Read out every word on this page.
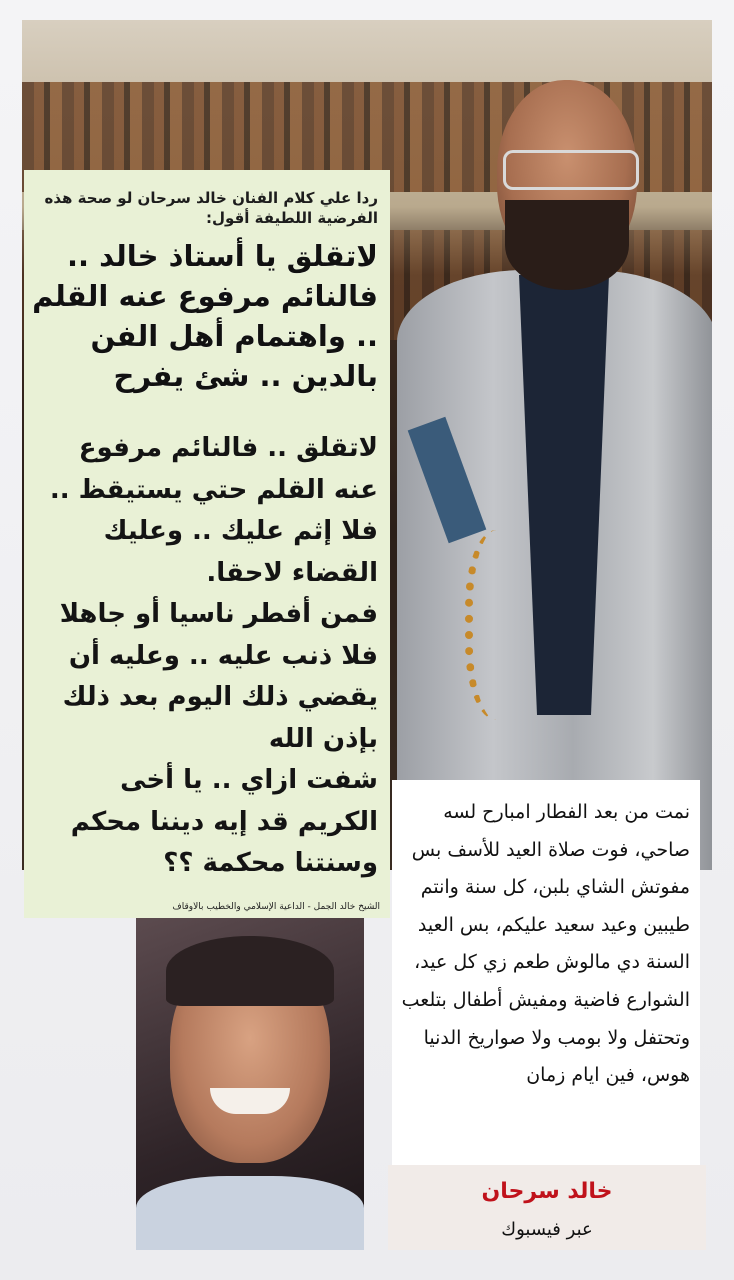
ردا علي كلام الفنان خالد سرحان لو صحة هذه الفرضية اللطيفة أقول:
لاتقلق يا أستاذ خالد .. فالنائم مرفوع عنه القلم .. واهتمام أهل الفن بالدين .. شئ يفرح

لاتقلق .. فالنائم مرفوع عنه القلم حتي يستيقظ .. فلا إثم عليك .. وعليك القضاء لاحقا.

فمن أفطر ناسيا أو جاهلا فلا ذنب عليه .. وعليه أن يقضي ذلك اليوم بعد ذلك بإذن الله

شفت ازاي .. يا أخى الكريم قد إيه ديننا محكم وسنتنا محكمة ؟؟

الشيخ خالد الجمل - الداعية الإسلامي والخطيب بالأوقاف
نمت من بعد الفطار امبارح لسه صاحي، فوت صلاة العيد للأسف بس مفوتش الشاي بلبن، كل سنة وانتم طيبين وعيد سعيد عليكم، بس العيد السنة دي مالوش طعم زي كل عيد، الشوارع فاضية ومفيش أطفال بتلعب وتحتفل ولا بومب ولا صواريخ الدنيا هوس، فين ايام زمان
خالد سرحان
عبر فيسبوك
